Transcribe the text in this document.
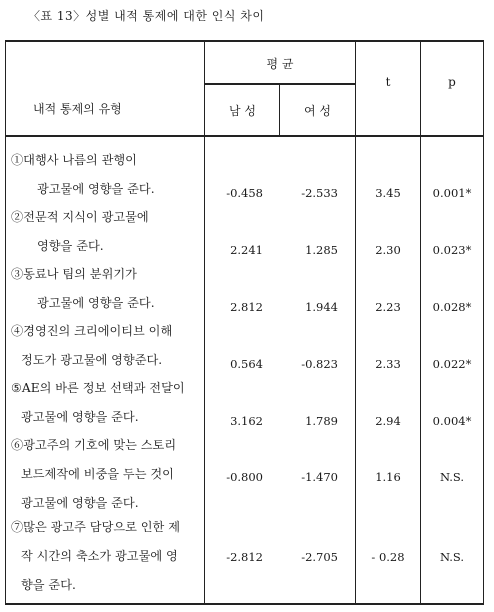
〈표 13〉성별 내적 통제에 대한 인식 차이
내적 통제의 유형
평 균
남 성	여 성
t	p
①대행사 나름의 관행이
광고물에 영향을 준다.	-0.458	-2.533	3.45	0.001*
②전문적 지식이 광고물에
영향을 준다.	2.241	1.285	2.30	0.023*
③동료나 팀의 분위기가
광고물에 영향을 준다.	2.812	1.944	2.23	0.028*
④경영진의 크리에이티브 이해
정도가 광고물에 영향준다.	0.564	-0.823	2.33	0.022*
⑤AE의 바른 정보 선택과 전달이
광고물에 영향을 준다.	3.162	1.789	2.94	0.004*
⑥광고주의 기호에 맞는 스토리
보드제작에 비중을 두는 것이
광고물에 영향을 준다.
-0.800	-1.470	1.16	N.S.
⑦많은 광고주 담당으로 인한 제
작 시간의 축소가 광고물에 영
향을 준다.
-2.812	-2.705	- 0.28	N.S.
